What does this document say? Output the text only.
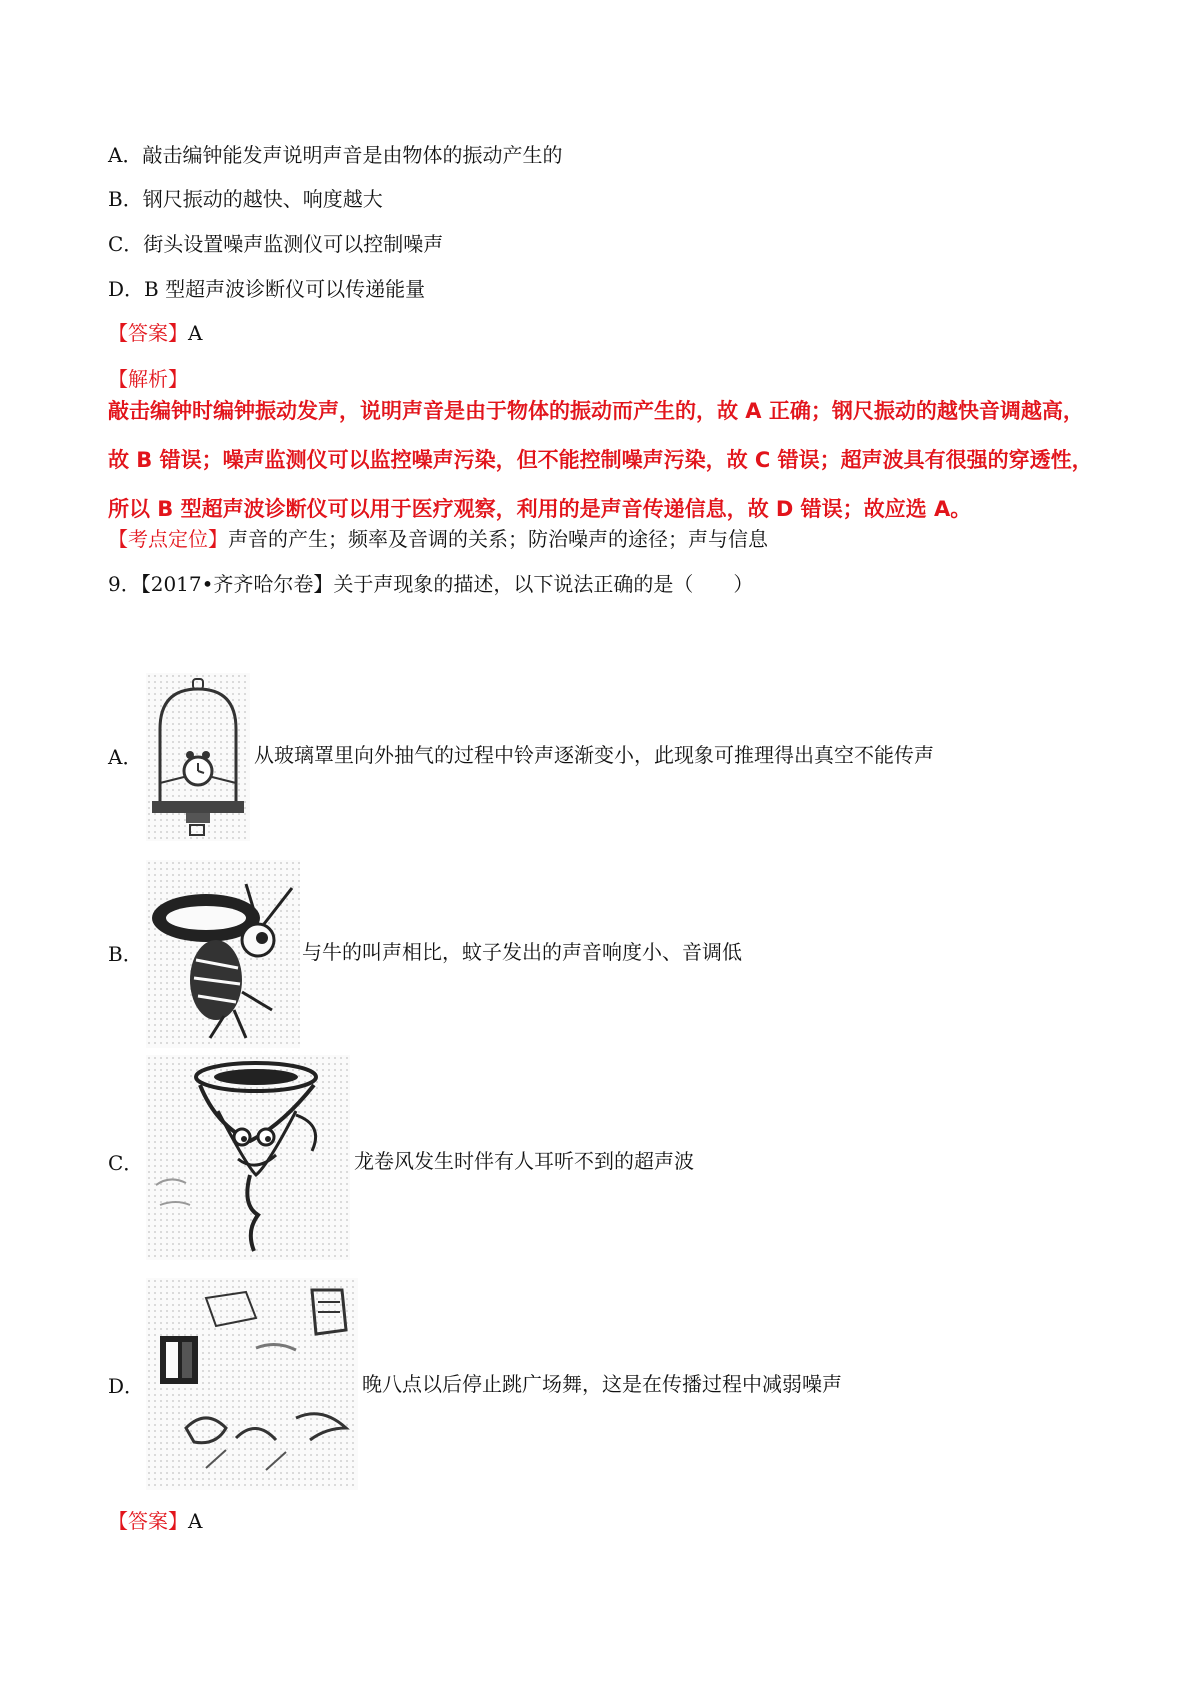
A．敲击编钟能发声说明声音是由物体的振动产生的
B．钢尺振动的越快、响度越大
C．街头设置噪声监测仪可以控制噪声
D．B 型超声波诊断仪可以传递能量
【答案】A
【解析】
敲击编钟时编钟振动发声，说明声音是由于物体的振动而产生的，故 A 正确；钢尺振动的越快音调越高，
故 B 错误；噪声监测仪可以监控噪声污染，但不能控制噪声污染，故 C 错误；超声波具有很强的穿透性，
所以 B 型超声波诊断仪可以用于医疗观察，利用的是声音传递信息，故 D 错误；故应选 A。
【考点定位】声音的产生；频率及音调的关系；防治噪声的途径；声与信息
9．【2017•齐齐哈尔卷】关于声现象的描述，以下说法正确的是（　　）
A．	从玻璃罩里向外抽气的过程中铃声逐渐变小，此现象可推理得出真空不能传声
B．	与牛的叫声相比，蚊子发出的声音响度小、音调低
C．	龙卷风发生时伴有人耳听不到的超声波
D．	晚八点以后停止跳广场舞，这是在传播过程中减弱噪声
【答案】A
